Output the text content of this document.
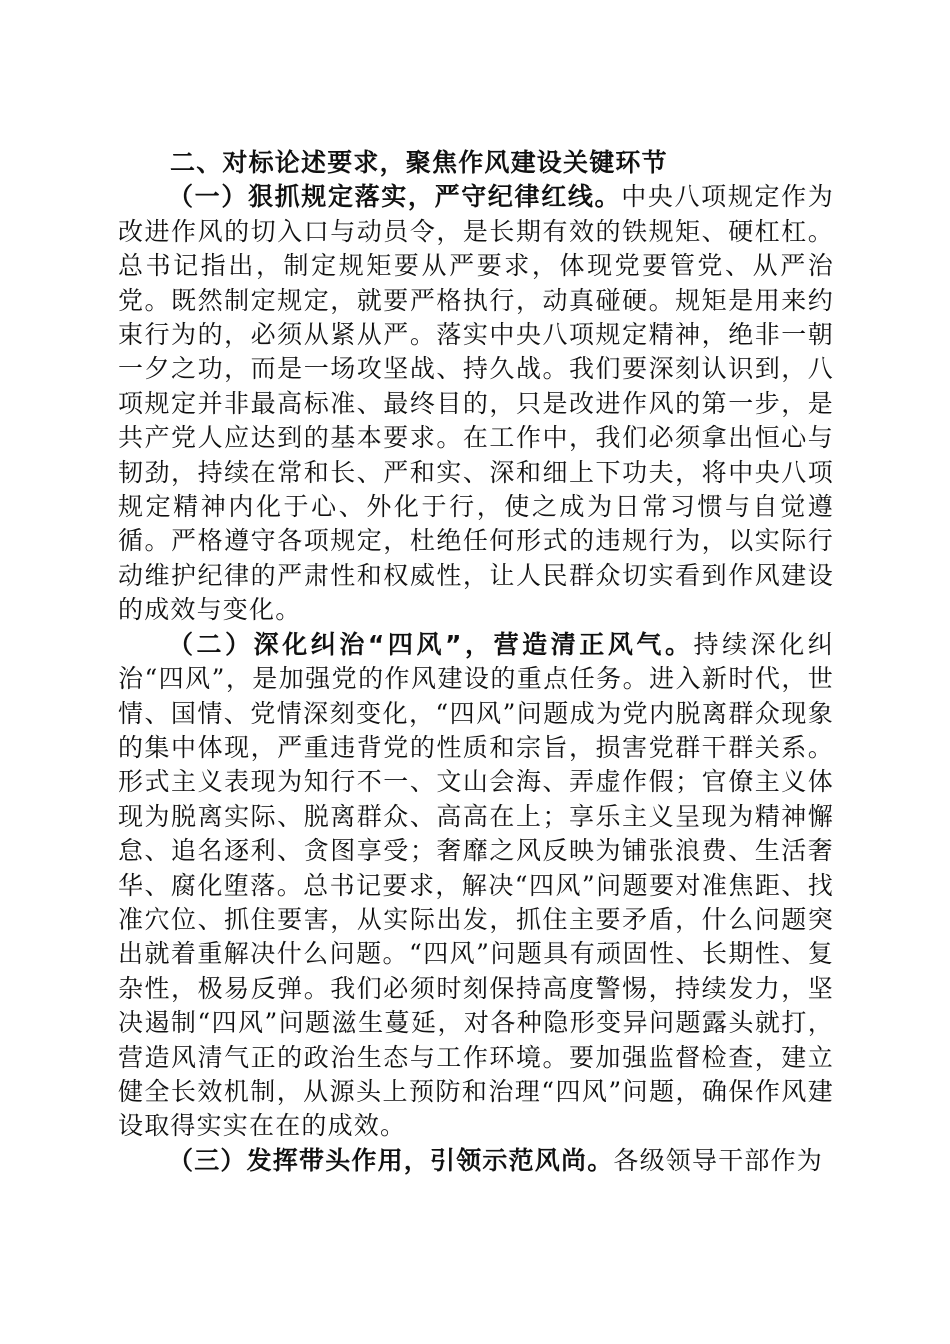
二、对标论述要求，聚焦作风建设关键环节

（一）狠抓规定落实，严守纪律红线。中央八项规定作为改进作风的切入口与动员令，是长期有效的铁规矩、硬杠杠。总书记指出，制定规矩要从严要求，体现党要管党、从严治党。既然制定规定，就要严格执行，动真碰硬。规矩是用来约束行为的，必须从紧从严。落实中央八项规定精神，绝非一朝一夕之功，而是一场攻坚战、持久战。我们要深刻认识到，八项规定并非最高标准、最终目的，只是改进作风的第一步，是共产党人应达到的基本要求。在工作中，我们必须拿出恒心与韧劲，持续在常和长、严和实、深和细上下功夫，将中央八项规定精神内化于心、外化于行，使之成为日常习惯与自觉遵循。严格遵守各项规定，杜绝任何形式的违规行为，以实际行动维护纪律的严肃性和权威性，让人民群众切实看到作风建设的成效与变化。

（二）深化纠治“四风”，营造清正风气。持续深化纠治“四风”，是加强党的作风建设的重点任务。进入新时代，世情、国情、党情深刻变化，“四风”问题成为党内脱离群众现象的集中体现，严重违背党的性质和宗旨，损害党群干群关系。形式主义表现为知行不一、文山会海、弄虚作假；官僚主义体现为脱离实际、脱离群众、高高在上；享乐主义呈现为精神懈怠、追名逐利、贪图享受；奢靡之风反映为铺张浪费、生活奢华、腐化堕落。总书记要求，解决“四风”问题要对准焦距、找准穴位、抓住要害，从实际出发，抓住主要矛盾，什么问题突出就着重解决什么问题。“四风”问题具有顽固性、长期性、复杂性，极易反弹。我们必须时刻保持高度警惕，持续发力，坚决遏制“四风”问题滋生蔓延，对各种隐形变异问题露头就打，营造风清气正的政治生态与工作环境。要加强监督检查，建立健全长效机制，从源头上预防和治理“四风”问题，确保作风建设取得实实在在的成效。

（三）发挥带头作用，引领示范风尚。各级领导干部作为
